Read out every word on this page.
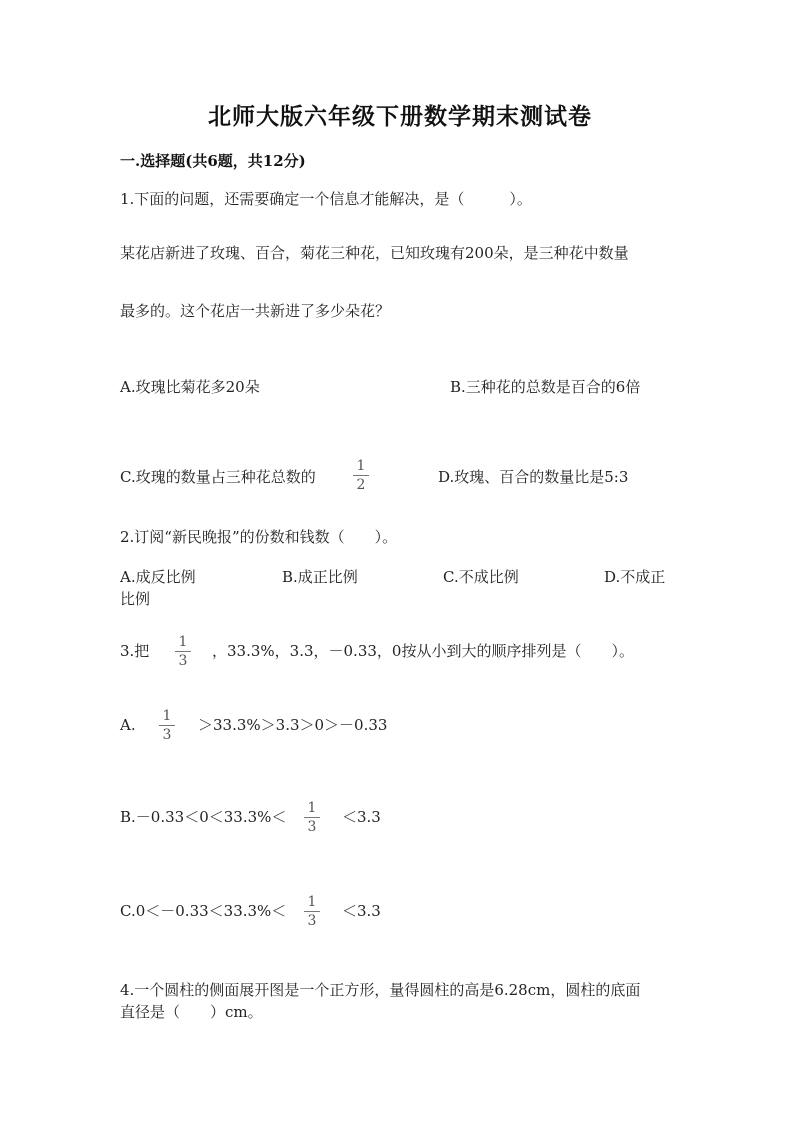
北师大版六年级下册数学期末测试卷
一.选择题(共6题，共12分)
1.下面的问题，还需要确定一个信息才能解决，是（　　　）。
某花店新进了玫瑰、百合，菊花三种花，已知玫瑰有200朵，是三种花中数量
最多的。这个花店一共新进了多少朵花？
A.玫瑰比菊花多20朵	B.三种花的总数是百合的6倍
C.玫瑰的数量占三种花总数的
1
2	D.玫瑰、百合的数量比是5:3
2.订阅“新民晚报”的份数和钱数（　　）。
A.成反比例	B.成正比例	C.不成比例	D.不成正
比例
3.把	1
3
，33.3%，3.3，－0.33，0按从小到大的顺序排列是（　　）。
A.	1
3
＞33.3%＞3.3＞0＞－0.33
B.－0.33＜0＜33.3%＜	1
3
＜3.3
C.0＜－0.33＜33.3%＜	1
3
＜3.3
4.一个圆柱的侧面展开图是一个正方形，量得圆柱的高是6.28cm，圆柱的底面
直径是（　　）cm。
